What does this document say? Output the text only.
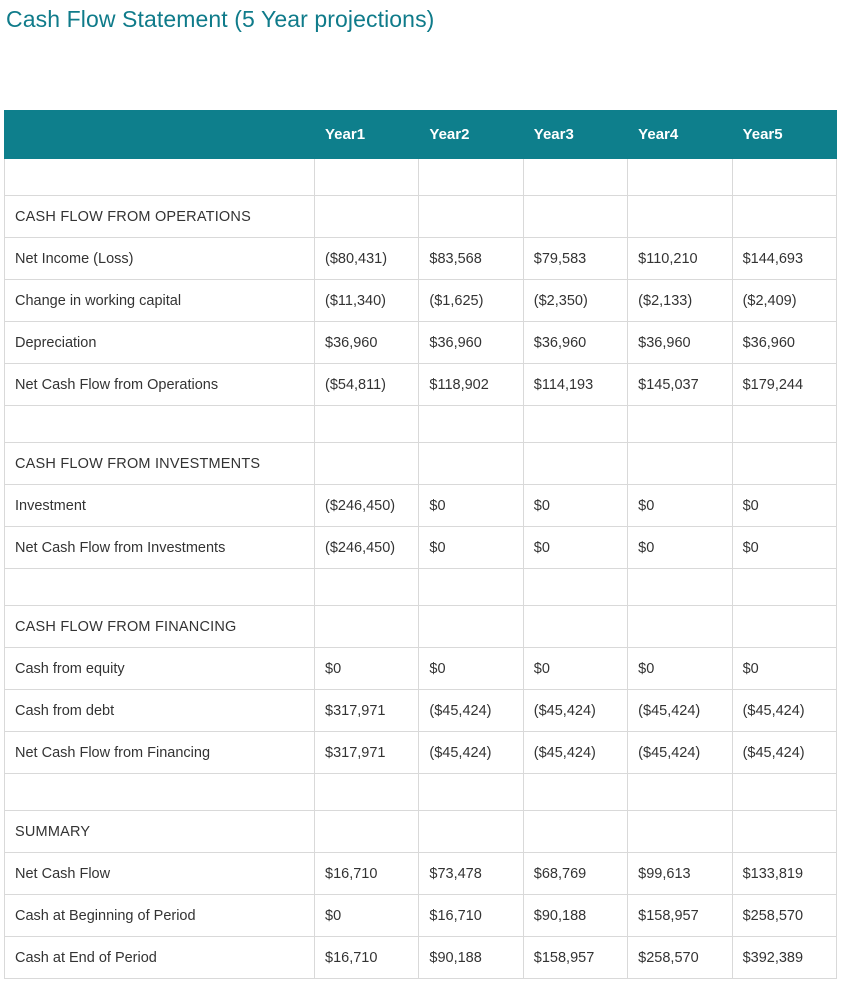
Cash Flow Statement (5 Year projections)
	Year1	Year2	Year3	Year4	Year5

CASH FLOW FROM OPERATIONS					
Net Income (Loss)	($80,431)	$83,568	$79,583	$110,210	$144,693
Change in working capital	($11,340)	($1,625)	($2,350)	($2,133)	($2,409)
Depreciation	$36,960	$36,960	$36,960	$36,960	$36,960
Net Cash Flow from Operations	($54,811)	$118,902	$114,193	$145,037	$179,244

CASH FLOW FROM INVESTMENTS					
Investment	($246,450)	$0	$0	$0	$0
Net Cash Flow from Investments	($246,450)	$0	$0	$0	$0

CASH FLOW FROM FINANCING					
Cash from equity	$0	$0	$0	$0	$0
Cash from debt	$317,971	($45,424)	($45,424)	($45,424)	($45,424)
Net Cash Flow from Financing	$317,971	($45,424)	($45,424)	($45,424)	($45,424)

SUMMARY					
Net Cash Flow	$16,710	$73,478	$68,769	$99,613	$133,819
Cash at Beginning of Period	$0	$16,710	$90,188	$158,957	$258,570
Cash at End of Period	$16,710	$90,188	$158,957	$258,570	$392,389
